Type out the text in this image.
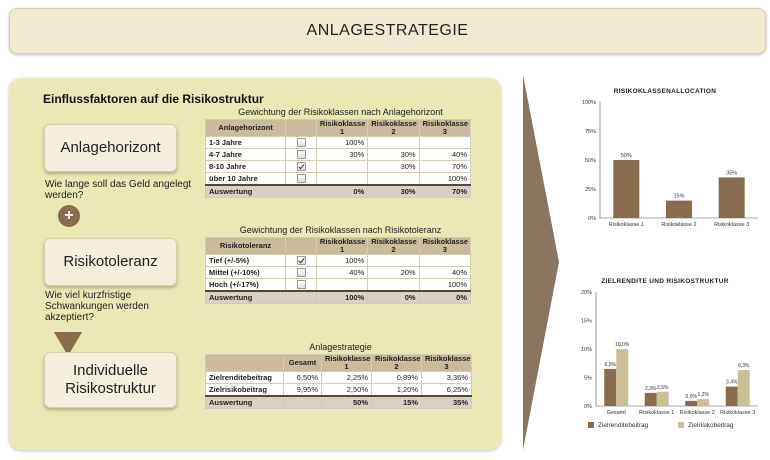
ANLAGESTRATEGIE
Einflussfaktoren auf die Risikostruktur
Anlagehorizont
Wie lange soll das Geld angelegt werden?
+
Risikotoleranz
Wie viel kurzfristige Schwankungen werden akzeptiert?
Individuelle Risikostruktur
Gewichtung der Risikoklassen nach Anlagehorizont
Anlagehorizont		Risikoklasse 1	Risikoklasse 2	Risikoklasse 3
1-3 Jahre		100%		
4-7 Jahre		30%	30%	40%
8-10 Jahre			30%	70%
über 10 Jahre				100%
Auswertung		0%	30%	70%
Gewichtung der Risikoklassen nach Risikotoleranz
Risikotoleranz		Risikoklasse 1	Risikoklasse 2	Risikoklasse 3
Tief (+/-5%)		100%		
Mittel (+/-10%)		40%	20%	40%
Hoch (+/-17%)				100%
Auswertung		100%	0%	0%
Anlagestrategie
	Gesamt	Risikoklasse 1	Risikoklasse 2	Risikoklasse 3
Zielrenditebeitrag	6,50%	2,25%	0,89%	3,36%
Zielrisikobeitrag	9,95%	2,50%	1,20%	6,25%
Auswertung		50%	15%	35%
RISIKOKLASSENALLOCATION
0%
25%
50%
75%
100%
50%
Risikoklasse 1
15%
Risikoklasse 2
35%
Risikoklasse 3
ZIELRENDITE UND RISIKOSTRUKTUR
0%
5%
10%
15%
20%
6,5%
10,0%
Gesamt
2,3% 2,5%
Risikoklasse 1
0,9% 1,2%
Risikoklasse 2
3,4%
6,3%
Risikoklasse 3
Zielrenditebeitrag	Zielrisikobeitrag
